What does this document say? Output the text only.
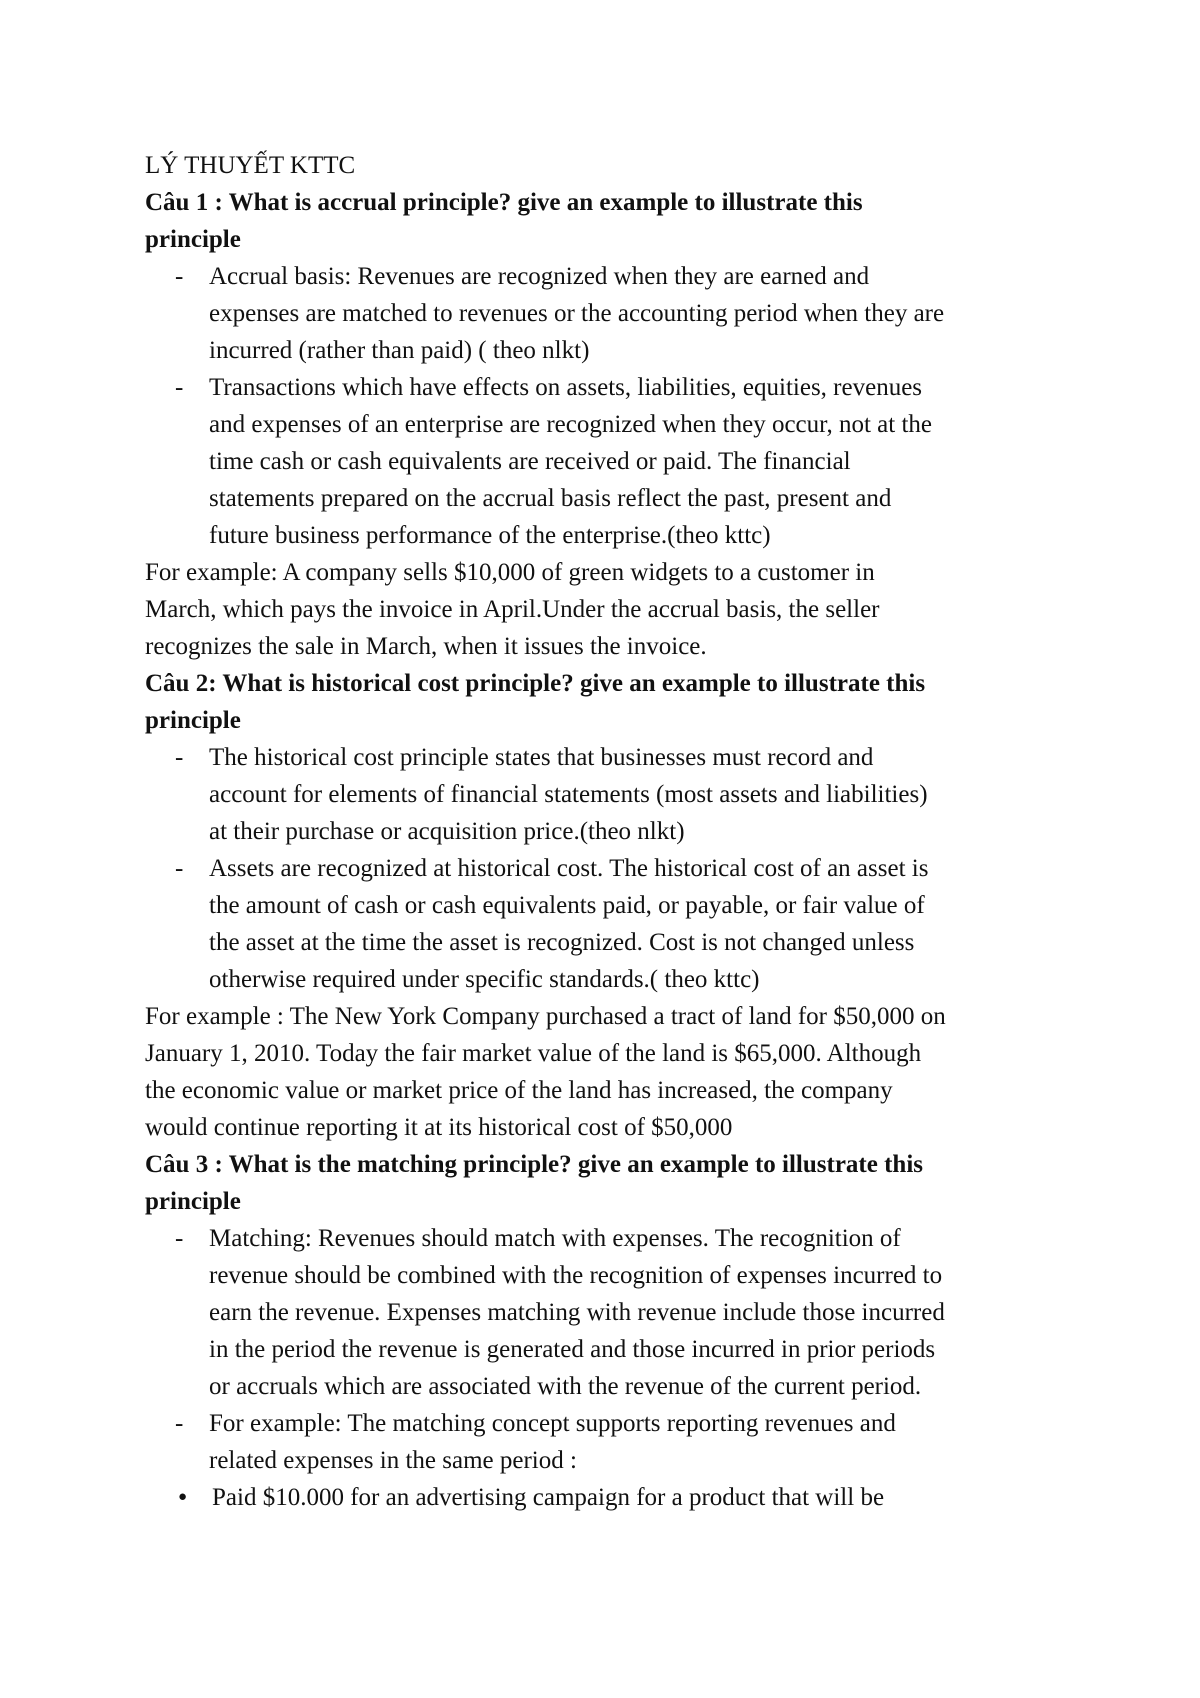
LÝ THUYẾT KTTC

Câu 1 : What is accrual principle? give an example to illustrate this
principle
-	Accrual basis: Revenues are recognized when they are earned and
expenses are matched to revenues or the accounting period when they are
incurred (rather than paid) ( theo nlkt)
-	Transactions which have effects on assets, liabilities, equities, revenues
and expenses of an enterprise are recognized when they occur, not at the
time cash or cash equivalents are received or paid. The financial
statements prepared on the accrual basis reflect the past, present and
future business performance of the enterprise.(theo kttc)
For example: A company sells $10,000 of green widgets to a customer in
March, which pays the invoice in April.Under the accrual basis, the seller
recognizes the sale in March, when it issues the invoice.
Câu 2: What is historical cost principle? give an example to illustrate this
principle
-	The historical cost principle states that businesses must record and
account for elements of financial statements (most assets and liabilities)
at their purchase or acquisition price.(theo nlkt)
-	Assets are recognized at historical cost. The historical cost of an asset is
the amount of cash or cash equivalents paid, or payable, or fair value of
the asset at the time the asset is recognized. Cost is not changed unless
otherwise required under specific standards.( theo kttc)
For example : The New York Company purchased a tract of land for $50,000 on
January 1, 2010. Today the fair market value of the land is $65,000. Although
the economic value or market price of the land has increased, the company
would continue reporting it at its historical cost of $50,000
Câu 3 : What is the matching principle? give an example to illustrate this
principle
-	Matching: Revenues should match with expenses. The recognition of
revenue should be combined with the recognition of expenses incurred to
earn the revenue. Expenses matching with revenue include those incurred
in the period the revenue is generated and those incurred in prior periods
or accruals which are associated with the revenue of the current period.
-	For example: The matching concept supports reporting revenues and
related expenses in the same period :
● Paid $10.000 for an advertising campaign for a product that will be
